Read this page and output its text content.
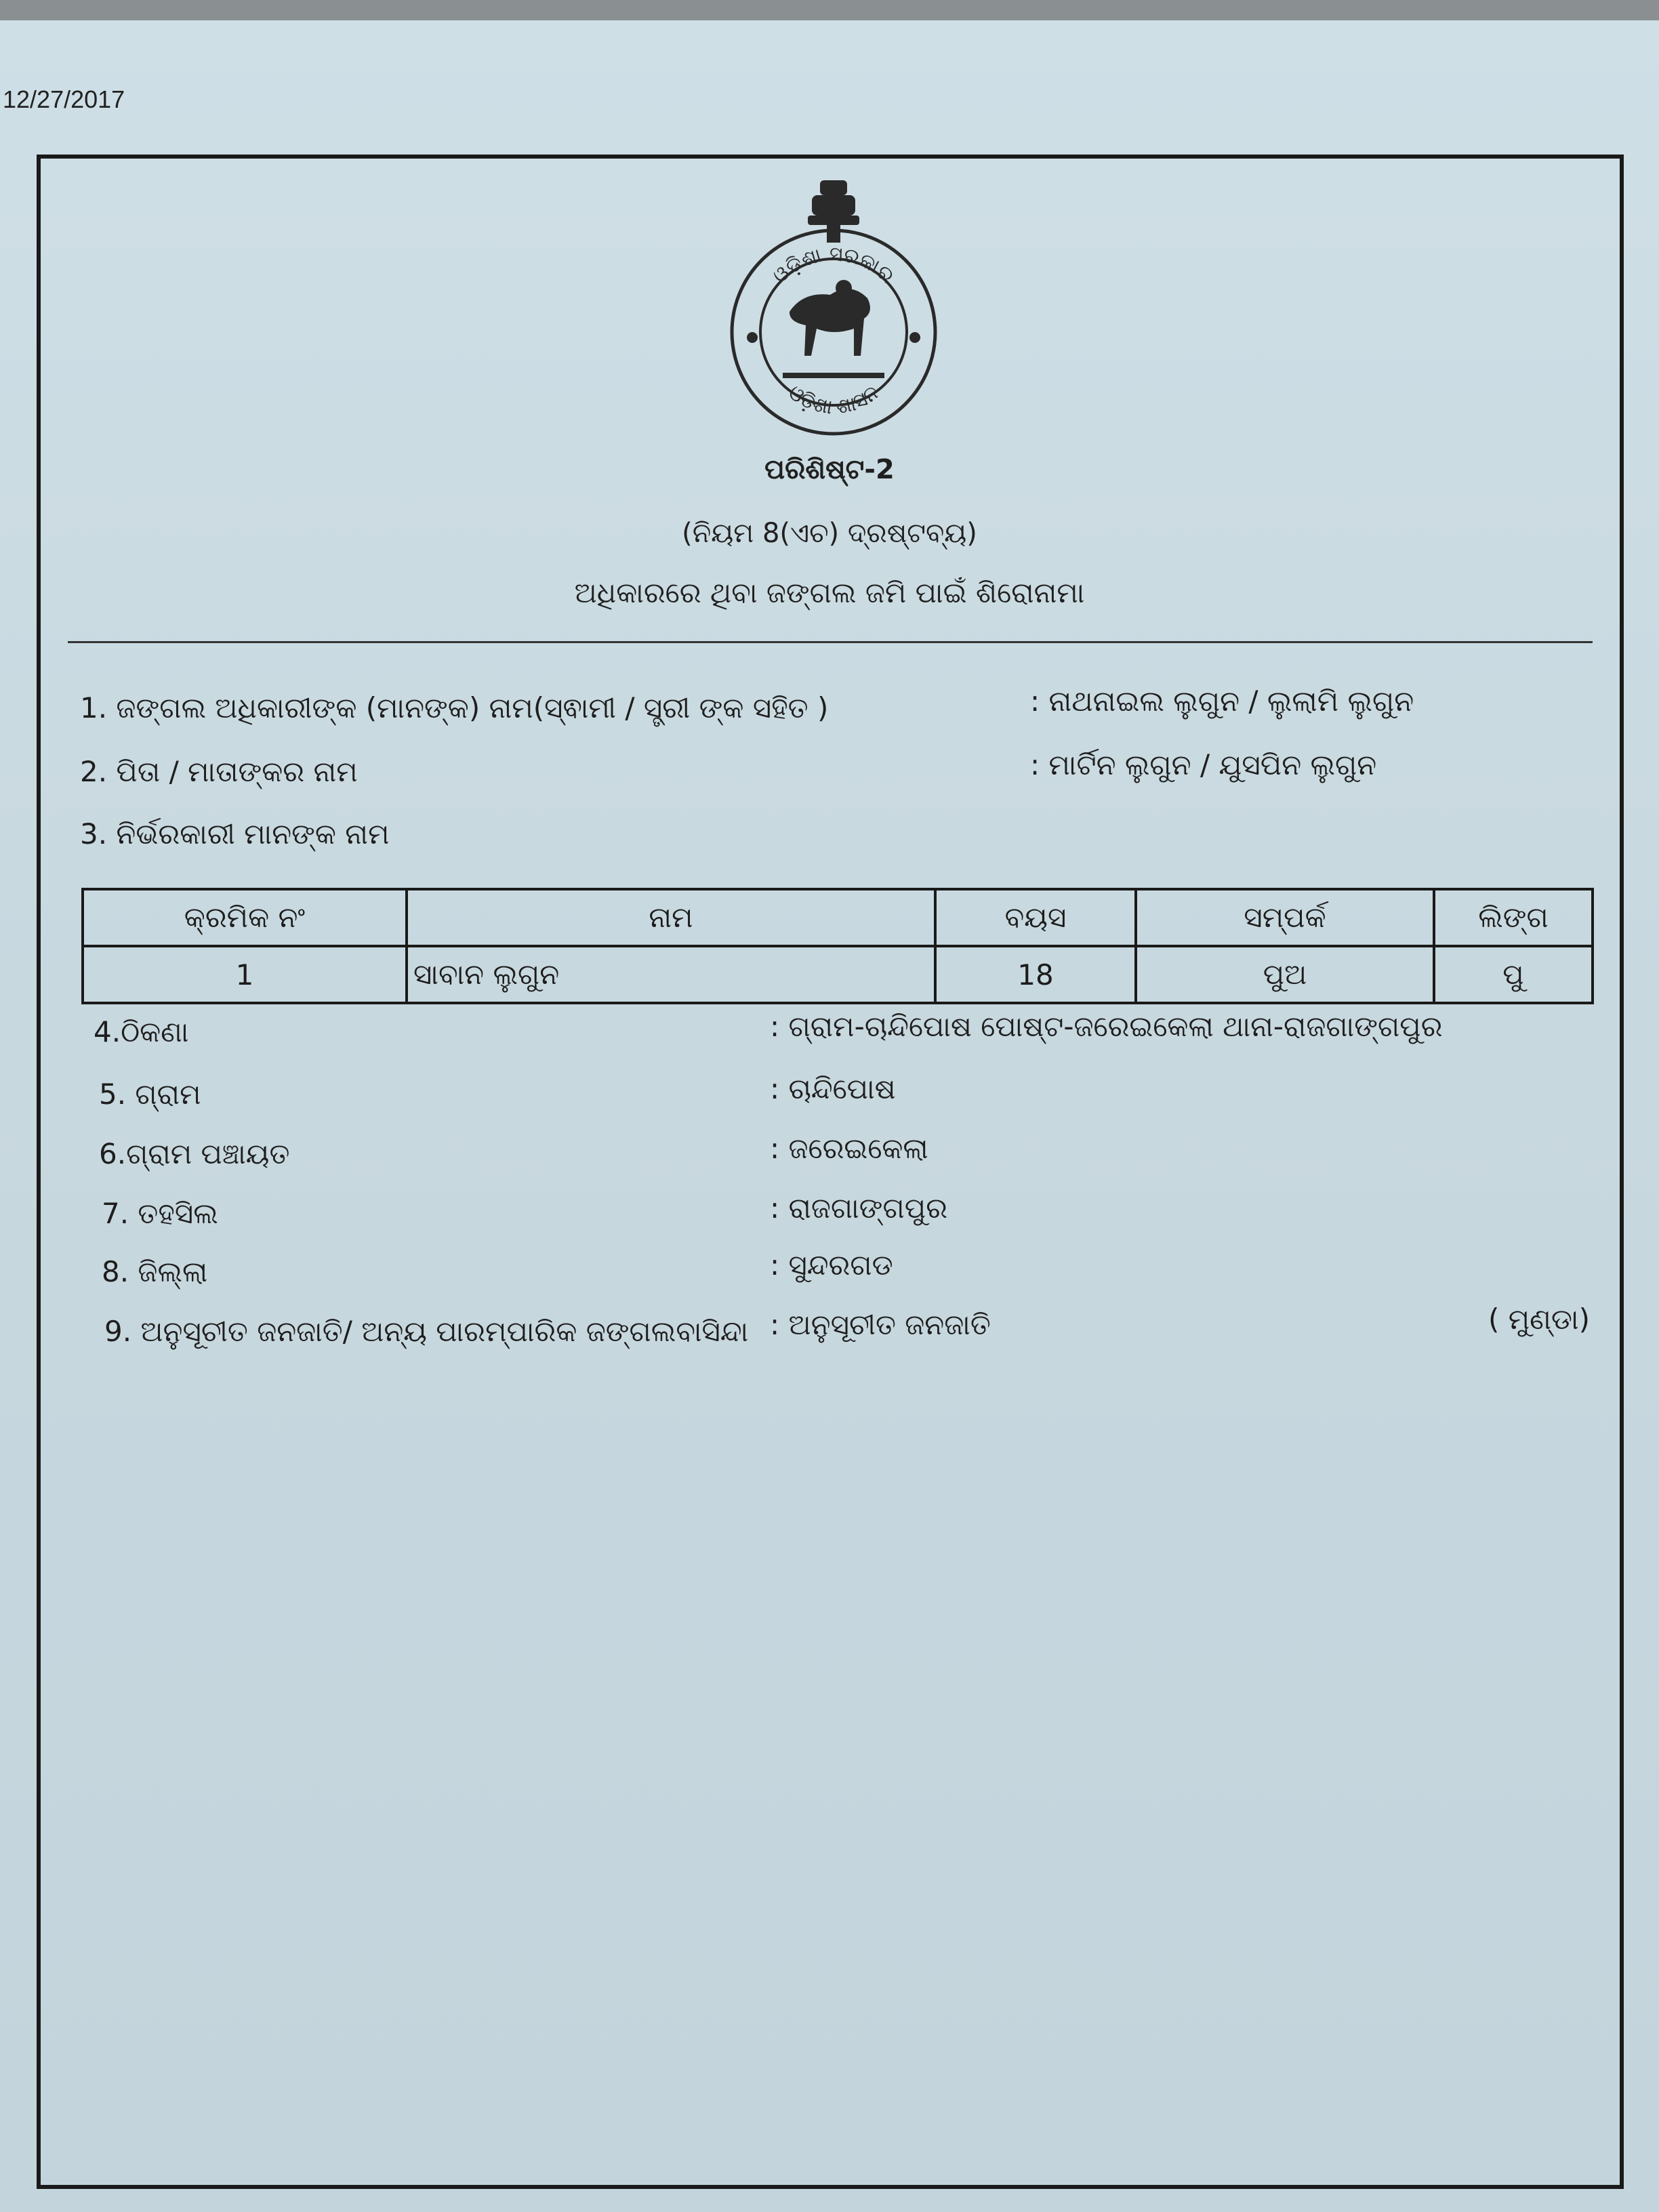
12/27/2017
ଓଡ଼ିଶା ସରକାର
ଓଡ଼ିଶା ଶାସନ
ପରିଶିଷ୍ଟ-2
(ନିୟମ 8(ଏଚ) ଦ୍ରଷ୍ଟବ୍ୟ)
ଅଧିକାରରେ ଥିବା ଜଙ୍ଗଲ ଜମି ପାଇଁ ଶିରୋନାମା
1. ଜଙ୍ଗଲ ଅଧିକାରୀଙ୍କ (ମାନଙ୍କ) ନାମ(ସ୍ଵାମୀ / ସ୍ତ୍ରୀ ଙ୍କ ସହିତ )	: ନାଥନାଇଲ ଲୁଗୁନ / ଲୁଲାମି ଲୁଗୁନ
2. ପିତା / ମାତାଙ୍କର ନାମ	: ମାର୍ଟିନ ଲୁଗୁନ / ଯୁସପିନ ଲୁଗୁନ
3. ନିର୍ଭରକାରୀ ମାନଙ୍କ ନାମ
କ୍ରମିକ ନଂ	ନାମ	ବୟସ	ସମ୍ପର୍କ	ଲିଙ୍ଗ
1	ସାବାନ ଲୁଗୁନ	18	ପୁଅ	ପୁ
4.ଠିକଣା	: ଗ୍ରାମ-ଚାନ୍ଦିପୋଷ ପୋଷ୍ଟ-ଜରେଇକେଲା ଥାନା-ରାଜଗାଙ୍ଗପୁର
5. ଗ୍ରାମ	: ଚାନ୍ଦିପୋଷ
6.ଗ୍ରାମ ପଞ୍ଚାୟତ	: ଜରେଇକେଲା
7. ତହସିଲ	: ରାଜଗାଙ୍ଗପୁର
8. ଜିଲ୍ଲା	: ସୁନ୍ଦରଗଡ
9. ଅନୁସୂଚୀତ ଜନଜାତି/ ଅନ୍ୟ ପାରମ୍ପାରିକ ଜଙ୍ଗଲବାସିନ୍ଦା : ଅନୁସୂଚୀତ ଜନଜାତି	( ମୁଣ୍ଡା)
